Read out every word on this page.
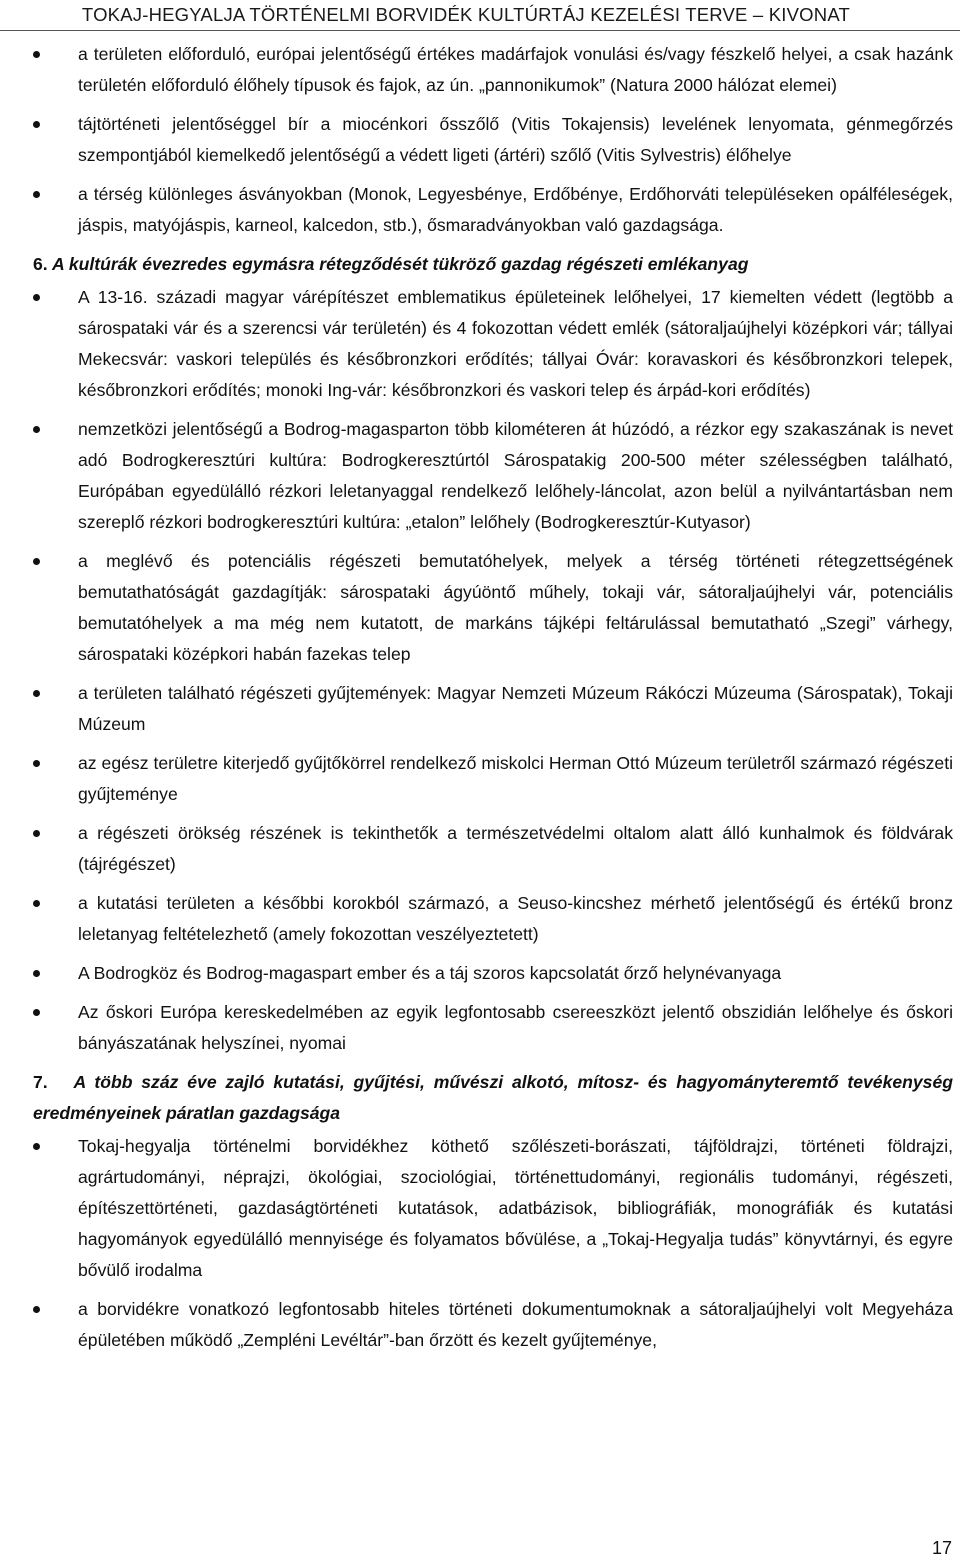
TOKAJ-HEGYALJA TÖRTÉNELMI BORVIDÉK KULTÚRTÁJ KEZELÉSI TERVE – KIVONAT
a területen előforduló, európai jelentőségű értékes madárfajok vonulási és/vagy fészkelő helyei, a csak hazánk területén előforduló élőhely típusok és fajok, az ún. „pannonikumok” (Natura 2000 hálózat elemei)
tájtörténeti jelentőséggel bír a miocénkori ősszőlő (Vitis Tokajensis) levelének lenyomata, génmegőrzés szempontjából kiemelkedő jelentőségű a védett ligeti (ártéri) szőlő (Vitis Sylvestris) élőhelye
a térség különleges ásványokban (Monok, Legyesbénye, Erdőbénye, Erdőhorváti településeken opálféleségek, jáspis, matyójáspis, karneol, kalcedon, stb.), ősmaradványokban való gazdagsága.

6. A kultúrák évezredes egymásra rétegződését tükröző gazdag régészeti emlékanyag

A 13-16. századi magyar várépítészet emblematikus épületeinek lelőhelyei, 17 kiemelten védett (legtöbb a sárospataki vár és a szerencsi vár területén) és 4 fokozottan védett emlék (sátoraljaújhelyi középkori vár; tállyai Mekecsvár: vaskori település és későbronzkori erődítés; tállyai Óvár: koravaskori és későbronzkori telepek, későbronzkori erődítés; monoki Ing-vár: későbronzkori és vaskori telep és árpád-kori erődítés)
nemzetközi jelentőségű a Bodrog-magasparton több kilométeren át húzódó, a rézkor egy szakaszának is nevet adó Bodrogkeresztúri kultúra: Bodrogkeresztúrtól Sárospatakig 200-500 méter szélességben található, Európában egyedülálló rézkori leletanyaggal rendelkező lelőhely-láncolat, azon belül a nyilvántartásban nem szereplő rézkori bodrogkeresztúri kultúra: „etalon” lelőhely (Bodrogkeresztúr-Kutyasor)
a meglévő és potenciális régészeti bemutatóhelyek, melyek a térség történeti rétegzettségének bemutathatóságát gazdagítják: sárospataki ágyúöntő műhely, tokaji vár, sátoraljaújhelyi vár, potenciális bemutatóhelyek a ma még nem kutatott, de markáns tájképi feltárulással bemutatható „Szegi” várhegy, sárospataki középkori habán fazekas telep
a területen található régészeti gyűjtemények: Magyar Nemzeti Múzeum Rákóczi Múzeuma (Sárospatak), Tokaji Múzeum
az egész területre kiterjedő gyűjtőkörrel rendelkező miskolci Herman Ottó Múzeum területről származó régészeti gyűjteménye
a régészeti örökség részének is tekinthetők a természetvédelmi oltalom alatt álló kunhalmok és földvárak (tájrégészet)
a kutatási területen a későbbi korokból származó, a Seuso-kincshez mérhető jelentőségű és értékű bronz leletanyag feltételezhető (amely fokozottan veszélyeztetett)
A Bodrogköz és Bodrog-magaspart ember és a táj szoros kapcsolatát őrző helynévanyaga
Az őskori Európa kereskedelmében az egyik legfontosabb csereeszközt jelentő obszidián lelőhelye és őskori bányászatának helyszínei, nyomai

7. A több száz éve zajló kutatási, gyűjtési, művészi alkotó, mítosz- és hagyományteremtő tevékenység eredményeinek páratlan gazdagsága

Tokaj-hegyalja történelmi borvidékhez köthető szőlészeti-borászati, tájföldrajzi, történeti földrajzi, agrártudományi, néprajzi, ökológiai, szociológiai, történettudományi, regionális tudományi, régészeti, építészettörténeti, gazdaságtörténeti kutatások, adatbázisok, bibliográfiák, monográfiák és kutatási hagyományok egyedülálló mennyisége és folyamatos bővülése, a „Tokaj-Hegyalja tudás” könyvtárnyi, és egyre bővülő irodalma
a borvidékre vonatkozó legfontosabb hiteles történeti dokumentumoknak a sátoraljaújhelyi volt Megyeháza épületében működő „Zempléni Levéltár”-ban őrzött és kezelt gyűjteménye,
17
